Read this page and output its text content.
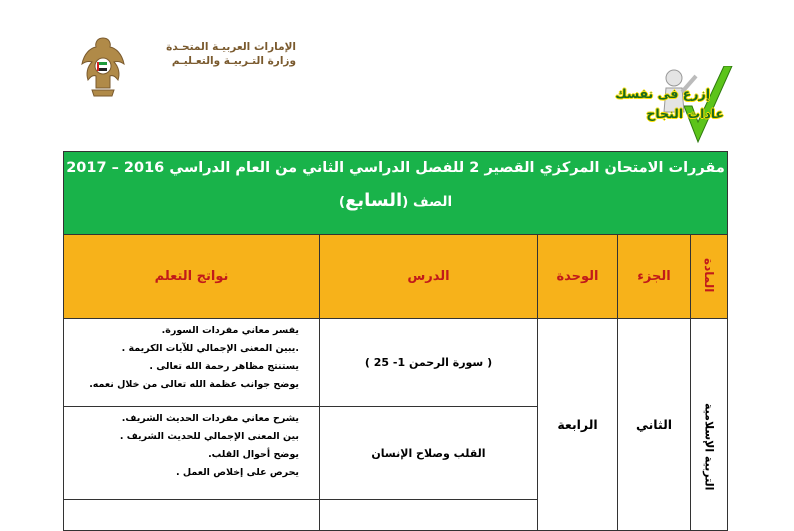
الإمارات العربيـة المتحـدة
وزارة التـربيـة والتعـليـم
إزرع فى نفسك
عادات النجاح
مقررات الامتحان المركزي القصير 2 للفصل الدراسي الثاني من العام الدراسي 2016 – 2017
الصف (السابع)				

نواتج التعلم	الدرس	الوحدة	الجزء	المادة

يفسر معاني مفردات السورة.
.يبين المعنى الإجمالي للآيات الكريمة .
يستنتج مظاهر رحمة الله تعالى .
يوضح جوانب عظمة الله تعالى من خلال نعمه.	( سورة الرحمن 1- 25 )	الرابعة	الثاني	التربية الإسلامية

يشرح معاني مفردات الحديث الشريف.
بين المعنى الإجمالي للحديث الشريف .
يوضح أحوال القلب.
يحرص على إخلاص العمل .	القلب وصلاح الإنسان			
